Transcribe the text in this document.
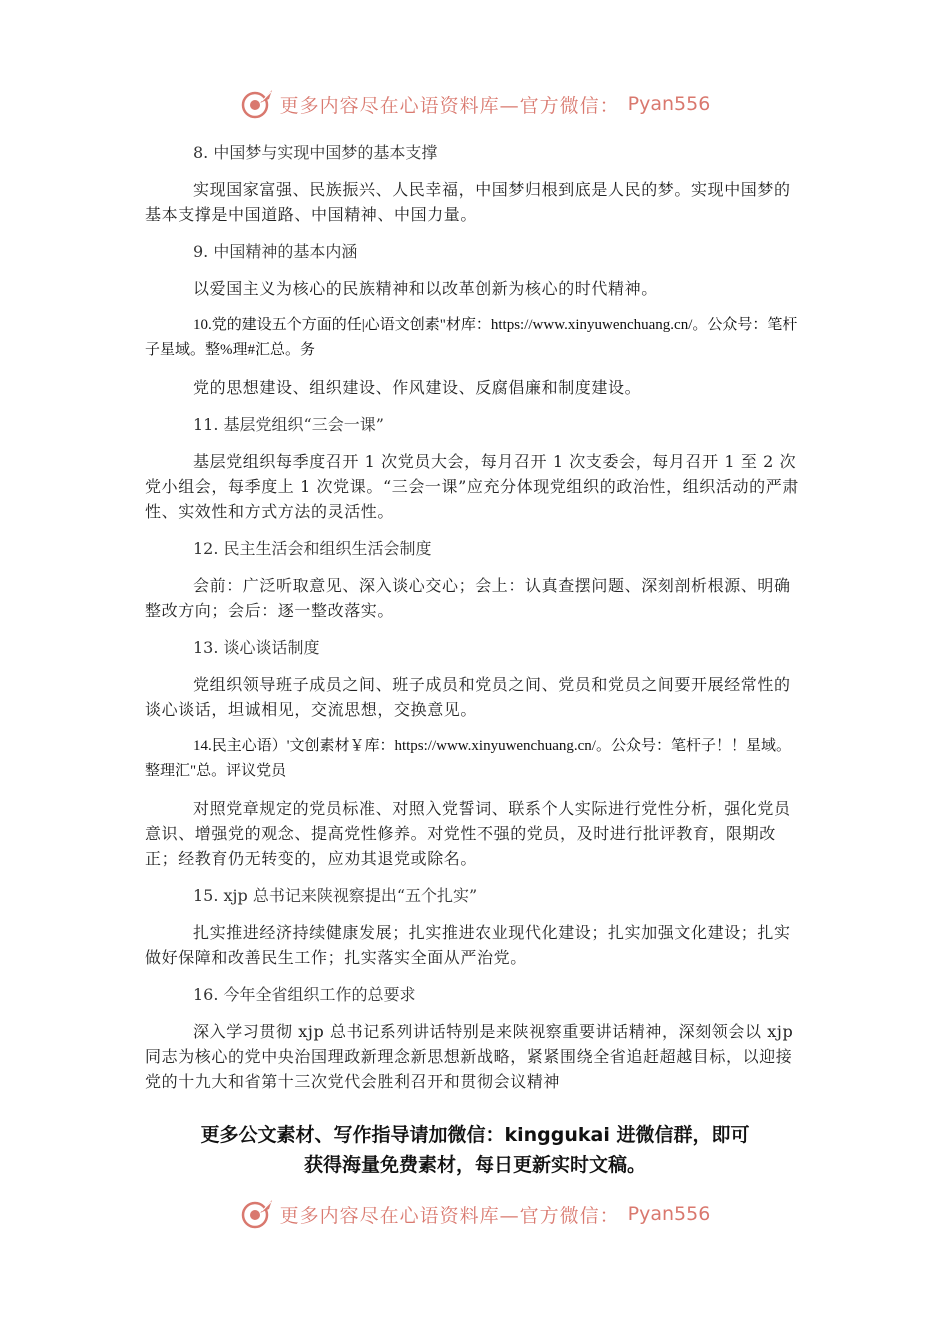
更多内容尽在心语资料库—官方微信： Pyan556

8. 中国梦与实现中国梦的基本支撑

实现国家富强、民族振兴、人民幸福，中国梦归根到底是人民的梦。实现中国梦的基本支撑是中国道路、中国精神、中国力量。

9. 中国精神的基本内涵

以爱国主义为核心的民族精神和以改革创新为核心的时代精神。

10.党的建设五个方面的任|心语文创素"材库：https://www.xinyuwenchuang.cn/。公众号：笔杆子星域。整%理#汇总。务

党的思想建设、组织建设、作风建设、反腐倡廉和制度建设。

11. 基层党组织“三会一课”

基层党组织每季度召开 1 次党员大会，每月召开 1 次支委会，每月召开 1 至 2 次党小组会，每季度上 1 次党课。“三会一课”应充分体现党组织的政治性，组织活动的严肃性、实效性和方式方法的灵活性。

12. 民主生活会和组织生活会制度

会前：广泛听取意见、深入谈心交心；会上：认真查摆问题、深刻剖析根源、明确整改方向；会后：逐一整改落实。

13. 谈心谈话制度

党组织领导班子成员之间、班子成员和党员之间、党员和党员之间要开展经常性的谈心谈话，坦诚相见，交流思想，交换意见。

14.民主心语）'文创素材￥库：https://www.xinyuwenchuang.cn/。公众号：笔杆子！！星域。整理汇"总。评议党员

对照党章规定的党员标准、对照入党誓词、联系个人实际进行党性分析，强化党员意识、增强党的观念、提高党性修养。对党性不强的党员，及时进行批评教育，限期改正；经教育仍无转变的，应劝其退党或除名。

15. xjp 总书记来陕视察提出“五个扎实”

扎实推进经济持续健康发展；扎实推进农业现代化建设；扎实加强文化建设；扎实做好保障和改善民生工作；扎实落实全面从严治党。

16. 今年全省组织工作的总要求

深入学习贯彻 xjp 总书记系列讲话特别是来陕视察重要讲话精神，深刻领会以 xjp 同志为核心的党中央治国理政新理念新思想新战略，紧紧围绕全省追赶超越目标，以迎接党的十九大和省第十三次党代会胜利召开和贯彻会议精神

更多公文素材、写作指导请加微信：kinggukai 进微信群，即可
获得海量免费素材，每日更新实时文稿。
更多内容尽在心语资料库—官方微信： Pyan556
